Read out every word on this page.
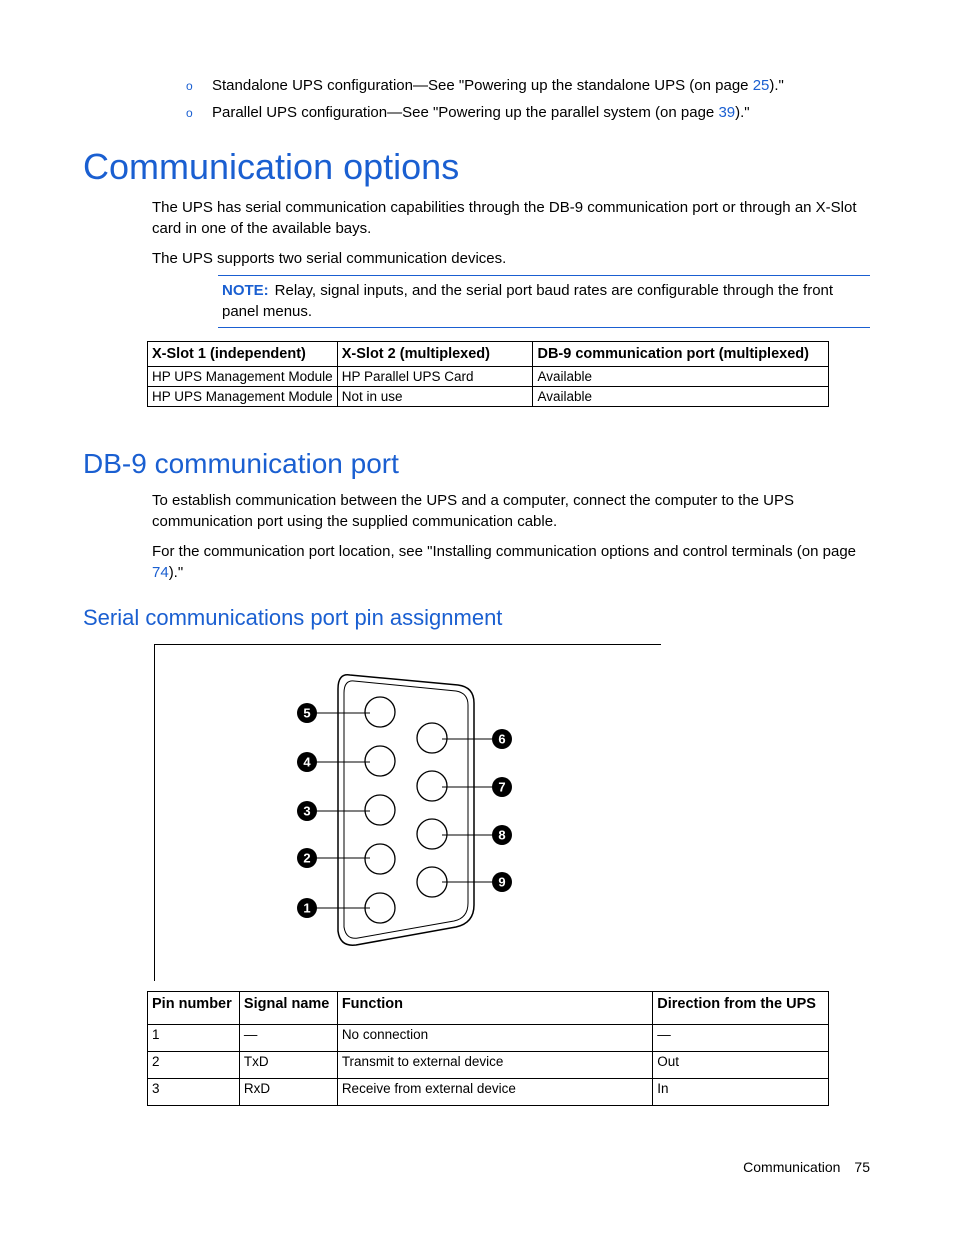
o Standalone UPS configuration—See "Powering up the standalone UPS (on page 25)."
o Parallel UPS configuration—See "Powering up the parallel system (on page 39)."
Communication options

The UPS has serial communication capabilities through the DB-9 communication port or through an X-Slot card in one of the available bays.

The UPS supports two serial communication devices.

NOTE: Relay, signal inputs, and the serial port baud rates are configurable through the front panel menus.
X-Slot 1 (independent)	X-Slot 2 (multiplexed)	DB-9 communication port (multiplexed)
HP UPS Management Module	HP Parallel UPS Card	Available
HP UPS Management Module	Not in use	Available
DB-9 communication port

To establish communication between the UPS and a computer, connect the computer to the UPS communication port using the supplied communication cable.

For the communication port location, see "Installing communication options and control terminals (on page 74)."

Serial communications port pin assignment
5
4
3
2
1
6
7
8
9
Pin number	Signal name	Function	Direction from the UPS
1	—	No connection	—
2	TxD	Transmit to external device	Out
3	RxD	Receive from external device	In
Communication 75
